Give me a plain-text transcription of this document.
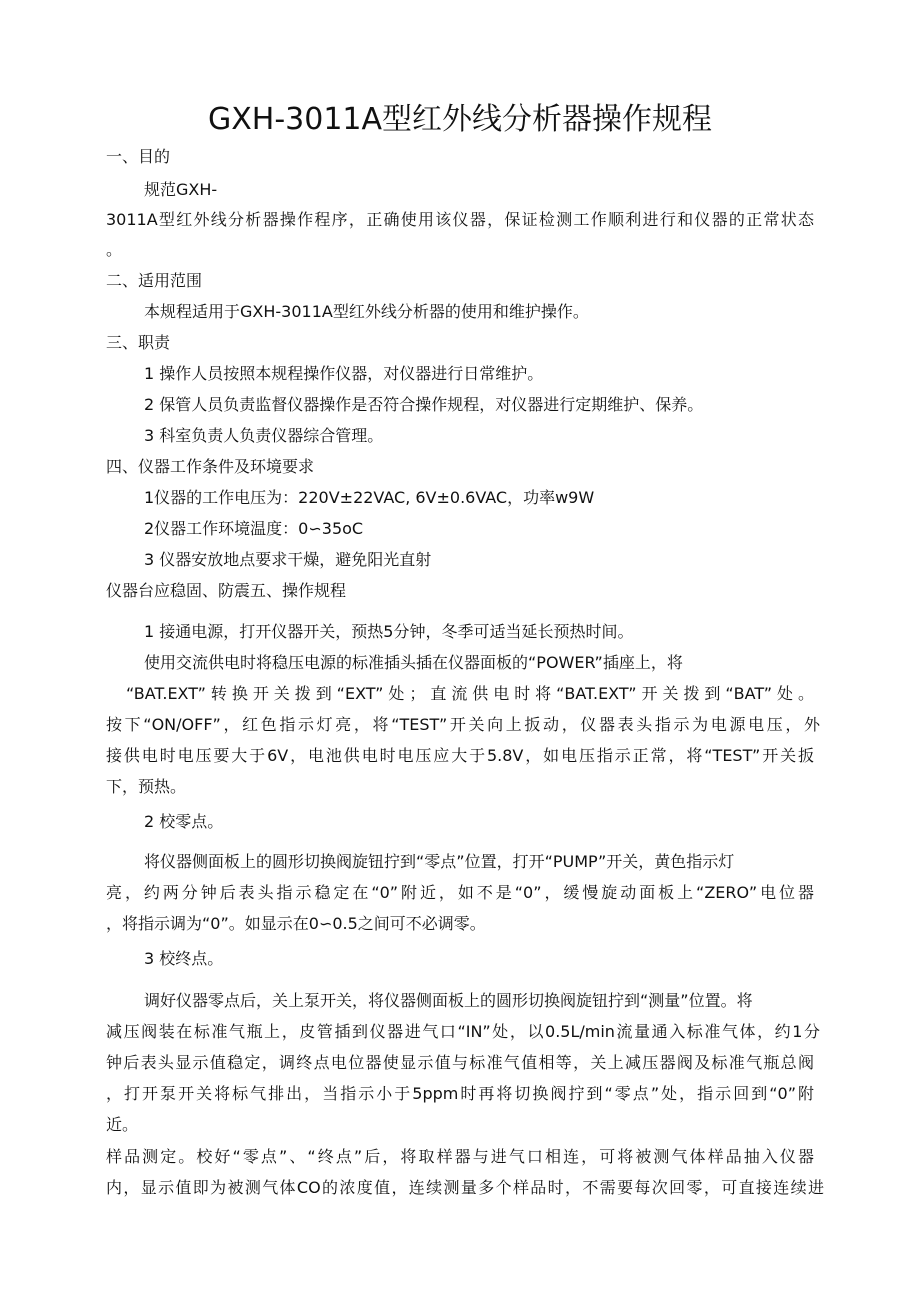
GXH-3011A型红外线分析器操作规程

一、目的

规范GXH-

3011A型红外线分析器操作程序，正确使用该仪器，保证检测工作顺利进行和仪器的正常状态

。

二、适用范围

本规程适用于GXH-3011A型红外线分析器的使用和维护操作。

三、职责

1 操作人员按照本规程操作仪器，对仪器进行日常维护。

2 保管人员负责监督仪器操作是否符合操作规程，对仪器进行定期维护、保养。

3 科室负责人负责仪器综合管理。

四、仪器工作条件及环境要求

1仪器的工作电压为：220V±22VAC, 6V±0.6VAC，功率w9W

2仪器工作环境温度：0∽35oC

3 仪器安放地点要求干燥，避免阳光直射

仪器台应稳固、防震五、操作规程

1 接通电源，打开仪器开关，预热5分钟，冬季可适当延长预热时间。

使用交流供电时将稳压电源的标准插头插在仪器面板的“POWER”插座上，将

“BAT.EXT”转换开关拨到“EXT”处；直流供电时将“BAT.EXT”开关拨到“BAT”处。

按下“ON/OFF”，红色指示灯亮，将“TEST”开关向上扳动，仪器表头指示为电源电压，外

接供电时电压要大于6V，电池供电时电压应大于5.8V，如电压指示正常，将“TEST”开关扳

下，预热。

2 校零点。

将仪器侧面板上的圆形切换阀旋钮拧到“零点”位置，打开“PUMP”开关，黄色指示灯

亮，约两分钟后表头指示稳定在“0”附近，如不是“0”，缓慢旋动面板上“ZERO”电位器

，将指示调为“0”。如显示在0∽0.5之间可不必调零。

3 校终点。

调好仪器零点后，关上泵开关，将仪器侧面板上的圆形切换阀旋钮拧到“测量”位置。将

减压阀装在标准气瓶上，皮管插到仪器进气口“IN”处，以0.5L/min流量通入标准气体，约1分

钟后表头显示值稳定，调终点电位器使显示值与标准气值相等，关上减压器阀及标准气瓶总阀

，打开泵开关将标气排出，当指示小于5ppm时再将切换阀拧到“零点”处，指示回到“0”附

近。

样品测定。校好“零点”、“终点”后，将取样器与进气口相连，可将被测气体样品抽入仪器

内，显示值即为被测气体CO的浓度值，连续测量多个样品时，不需要每次回零，可直接连续进
